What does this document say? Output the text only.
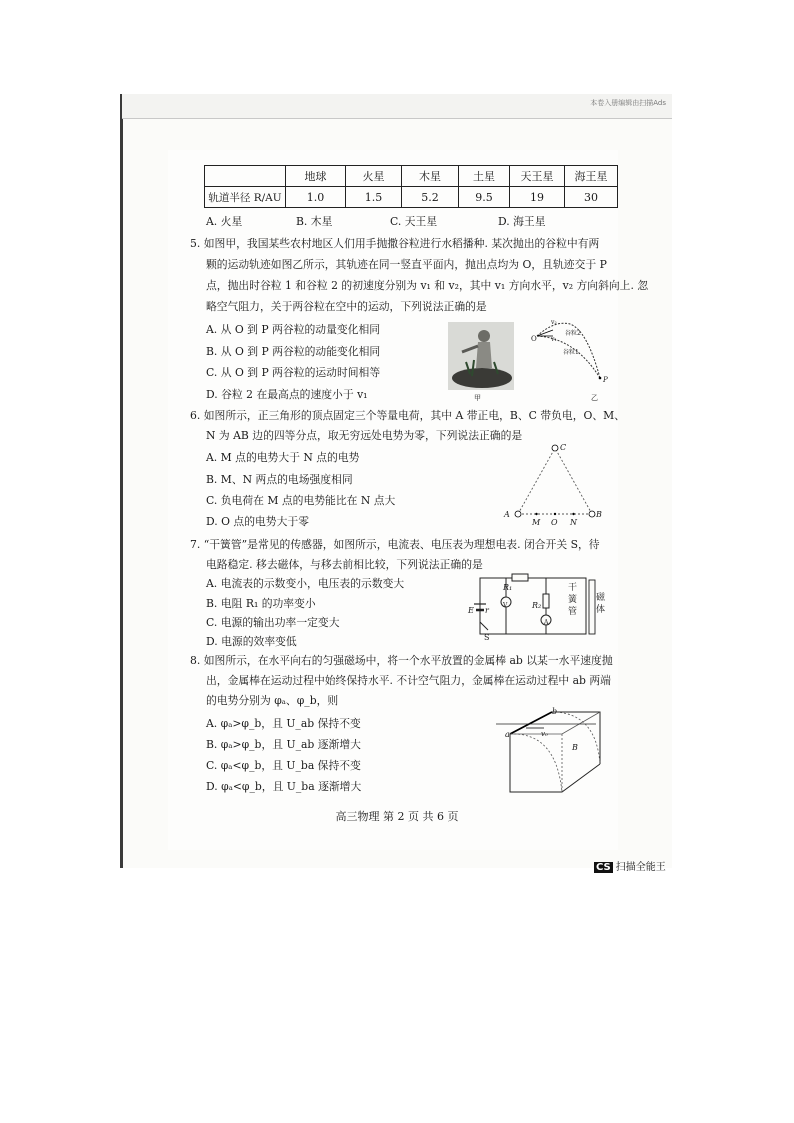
本卷入册编辑由扫描Ads
	地球	火星	木星	土星	天王星	海王星
轨道半径 R/AU	1.0	1.5	5.2	9.5	19	30
A. 火星	B. 木星	C. 天王星	D. 海王星
5. 如图甲，我国某些农村地区人们用手抛撒谷粒进行水稻播种. 某次抛出的谷粒中有两
颗的运动轨迹如图乙所示，其轨迹在同一竖直平面内，抛出点均为 O，且轨迹交于 P
点，抛出时谷粒 1 和谷粒 2 的初速度分别为 v₁ 和 v₂，其中 v₁ 方向水平，v₂ 方向斜向上. 忽
略空气阻力，关于两谷粒在空中的运动，下列说法正确的是
A. 从 O 到 P 两谷粒的动量变化相同
B. 从 O 到 P 两谷粒的动能变化相同
C. 从 O 到 P 两谷粒的运动时间相等
D. 谷粒 2 在最高点的速度小于 v₁	甲
O
P
谷粒2
谷粒1
v₂
v₁
乙
6. 如图所示，正三角形的顶点固定三个等量电荷，其中 A 带正电，B、C 带负电，O、M、
N 为 AB 边的四等分点，取无穷远处电势为零，下列说法正确的是
A. M 点的电势大于 N 点的电势
B. M、N 两点的电场强度相同
C. 负电荷在 M 点的电势能比在 N 点大
D. O 点的电势大于零
A	B
C
M O N
7. “干簧管”是常见的传感器，如图所示，电流表、电压表为理想电表. 闭合开关 S，待
电路稳定. 移去磁体，与移去前相比较，下列说法正确的是
A. 电流表的示数变小，电压表的示数变大
B. 电阻 R₁ 的功率变小
C. 电源的输出功率一定变大
D. 电源的效率变低
R₁
V	R₂
A
E r
S
干簧管
磁体
8. 如图所示，在水平向右的匀强磁场中，将一个水平放置的金属棒 ab 以某一水平速度抛
出，金属棒在运动过程中始终保持水平. 不计空气阻力，金属棒在运动过程中 ab 两端
的电势分别为 φₐ、φ_b，则
A. φₐ>φ_b，且 U_ab 保持不变
B. φₐ>φ_b，且 U_ab 逐渐增大
C. φₐ<φ_b，且 U_ba 保持不变
D. φₐ<φ_b，且 U_ba 逐渐增大
a
b
v₀
B
高三物理 第 2 页 共 6 页
CS 扫描全能王
